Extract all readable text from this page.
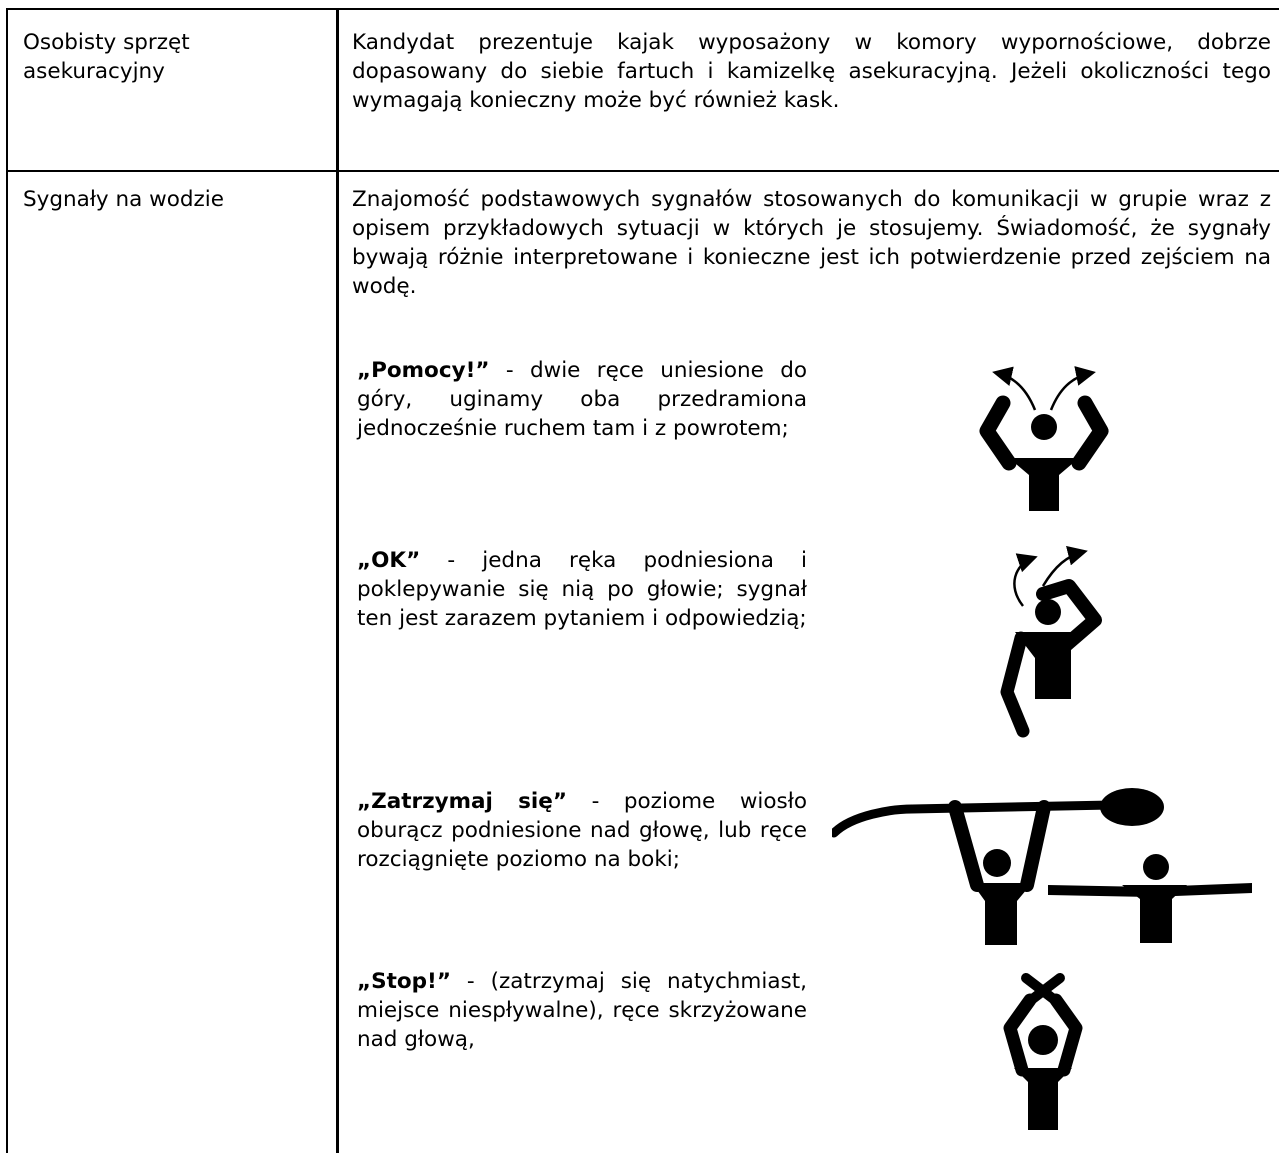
Osobisty sprzęt
asekuracyjny
Kandydat prezentuje kajak wyposażony w komory wypornościowe, dobrze dopasowany do siebie fartuch i kamizelkę asekuracyjną. Jeżeli okoliczności tego wymagają konieczny może być również kask.
Sygnały na wodzie	Znajomość podstawowych sygnałów stosowanych do komunikacji w grupie wraz z opisem przykładowych sytuacji w których je stosujemy. Świadomość, że sygnały bywają różnie interpretowane i konieczne jest ich potwierdzenie przed zejściem na wodę.
„Pomocy!” - dwie ręce uniesione do góry, uginamy oba przedramiona jednocześnie ruchem tam i z powrotem;
„OK” - jedna ręka podniesiona i poklepywanie się nią po głowie; sygnał ten jest zarazem pytaniem i odpowiedzią;
„Zatrzymaj się” - poziome wiosło oburącz podniesione nad głowę, lub ręce rozciągnięte poziomo na boki;
„Stop!” - (zatrzymaj się natychmiast, miejsce niespływalne), ręce skrzyżowane nad głową,
